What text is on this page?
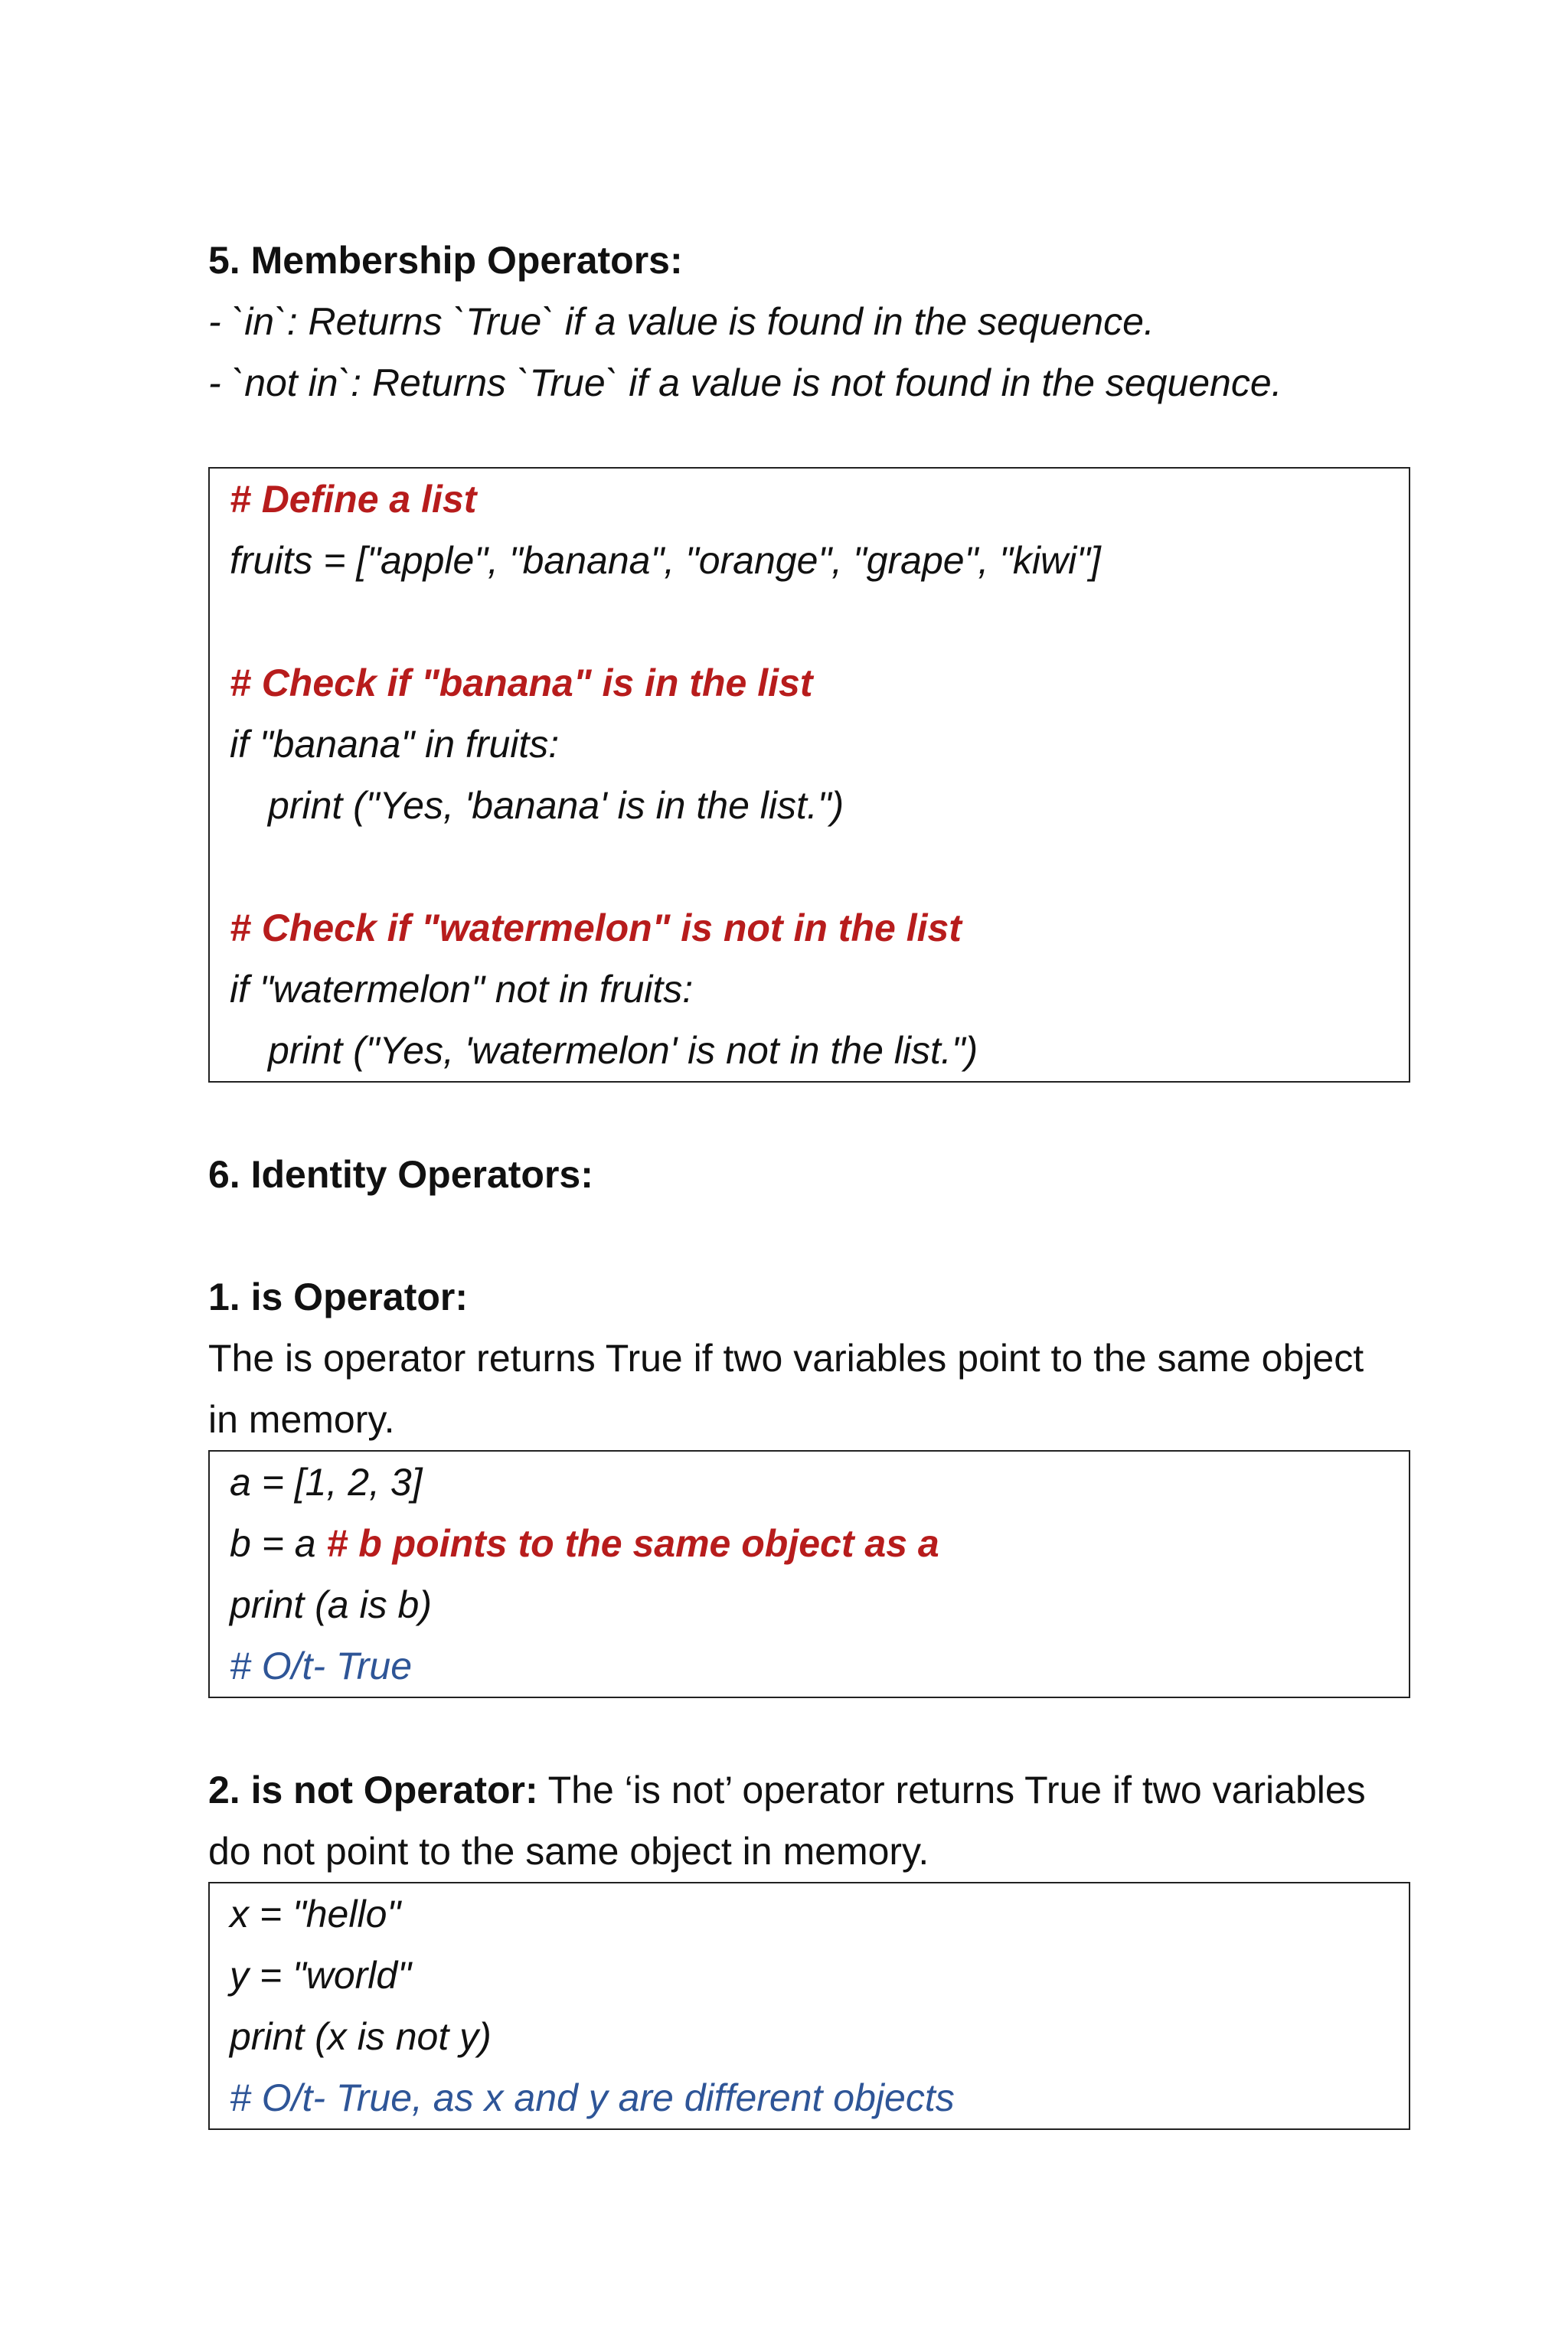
5. Membership Operators:
- `in`: Returns `True` if a value is found in the sequence.
- `not in`: Returns `True` if a value is not found in the sequence.
# Define a list
fruits = ["apple", "banana", "orange", "grape", "kiwi"]
# Check if "banana" is in the list
if "banana" in fruits:
print ("Yes, 'banana' is in the list.")
# Check if "watermelon" is not in the list
if "watermelon" not in fruits:
print ("Yes, 'watermelon' is not in the list.")
6. Identity Operators:
1. is Operator:
The is operator returns True if two variables point to the same object
in memory.
a = [1, 2, 3]
b = a # b points to the same object as a
print (a is b)
# O/t- True
2. is not Operator: The ‘is not’ operator returns True if two variables
do not point to the same object in memory.
x = "hello"
y = "world"
print (x is not y)
# O/t- True, as x and y are different objects
